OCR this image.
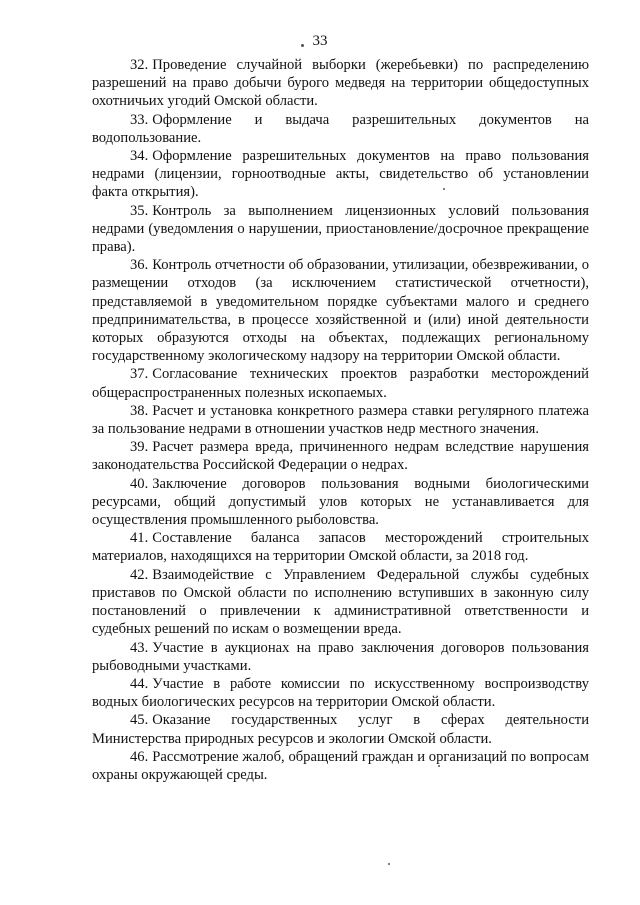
33

32. Проведение случайной выборки (жеребьевки) по распределению разрешений на право добычи бурого медведя на территории общедоступных охотничьих угодий Омской области.

33. Оформление и выдача разрешительных документов на водопользование.

34. Оформление разрешительных документов на право пользования недрами (лицензии, горноотводные акты, свидетельство об установлении факта открытия).

35. Контроль за выполнением лицензионных условий пользования недрами (уведомления о нарушении, приостановление/досрочное прекращение права).

36. Контроль отчетности об образовании, утилизации, обезвреживании, о размещении отходов (за исключением статистической отчетности), представляемой в уведомительном порядке субъектами малого и среднего предпринимательства, в процессе хозяйственной и (или) иной деятельности которых образуются отходы на объектах, подлежащих региональному государственному экологическому надзору на территории Омской области.

37. Согласование технических проектов разработки месторождений общераспространенных полезных ископаемых.

38. Расчет и установка конкретного размера ставки регулярного платежа за пользование недрами в отношении участков недр местного значения.

39. Расчет размера вреда, причиненного недрам вследствие нарушения законодательства Российской Федерации о недрах.

40. Заключение договоров пользования водными биологическими ресурсами, общий допустимый улов которых не устанавливается для осуществления промышленного рыболовства.

41. Составление баланса запасов месторождений строительных материалов, находящихся на территории Омской области, за 2018 год.

42. Взаимодействие с Управлением Федеральной службы судебных приставов по Омской области по исполнению вступивших в законную силу постановлений о привлечении к административной ответственности и судебных решений по искам о возмещении вреда.

43. Участие в аукционах на право заключения договоров пользования рыбоводными участками.

44. Участие в работе комиссии по искусственному воспроизводству водных биологических ресурсов на территории Омской области.

45. Оказание государственных услуг в сферах деятельности Министерства природных ресурсов и экологии Омской области.

46. Рассмотрение жалоб, обращений граждан и организаций по вопросам охраны окружающей среды.
